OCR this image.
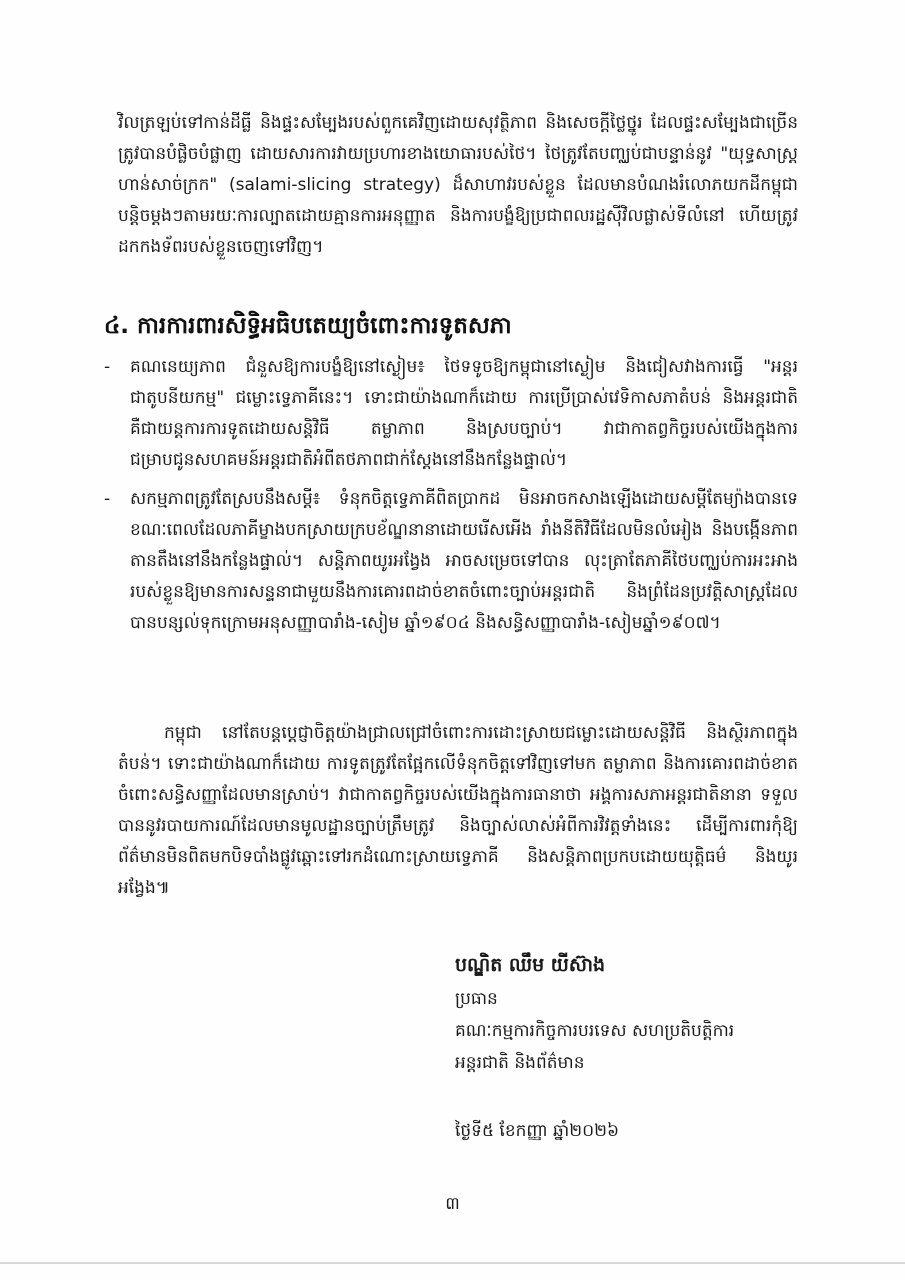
វិលត្រឡប់ទៅកាន់ដីធ្លី និងផ្ទះសម្បែងរបស់ពួកគេវិញដោយសុវត្ថិភាព និងសេចក្ដីថ្លៃថ្នូរ ដែលផ្ទះសម្បែងជាច្រើនត្រូវបានបំផ្លិចបំផ្លាញ ដោយសារការវាយប្រហារខាងយោធារបស់ថៃ។ ថៃត្រូវតែបញ្ឈប់ជាបន្ទាន់នូវ "យុទ្ធសាស្ត្រហាន់សាច់ក្រក" (salami-slicing strategy) ដ៏សាហាវរបស់ខ្លួន ដែលមានបំណងរំលោភយកដីកម្ពុជាបន្តិចម្ដងៗតាមរយៈការល្បាតដោយគ្មានការអនុញ្ញាត និងការបង្ខំឱ្យប្រជាពលរដ្ឋស៊ីវិលផ្លាស់ទីលំនៅ ហើយត្រូវដកកងទ័ពរបស់ខ្លួនចេញទៅវិញ។

៤. ការការពារសិទ្ធិអធិបតេយ្យចំពោះការទូតសភា
-	គណនេយ្យភាព ជំនួសឱ្យការបង្ខំឱ្យនៅស្ងៀម៖ ថៃទទូចឱ្យកម្ពុជានៅស្ងៀម និងជៀសវាងការធ្វើ "អន្តរជាតូបនីយកម្ម" ជម្លោះទ្វេភាគីនេះ។ ទោះជាយ៉ាងណាក៏ដោយ ការប្រើប្រាស់វេទិកាសភាតំបន់ និងអន្តរជាតិ គឺជាយន្តការការទូតដោយសន្តិវិធី តម្លាភាព និងស្របច្បាប់។ វាជាកាតព្វកិច្ចរបស់យើងក្នុងការជម្រាបជូនសហគមន៍អន្តរជាតិអំពីតថភាពជាក់ស្តែងនៅនឹងកន្លែងផ្ទាល់។
-	សកម្មភាពត្រូវតែស្របនឹងសម្ដី៖ ទំនុកចិត្តទ្វេភាគីពិតប្រាកដ មិនអាចកសាងឡើងដោយសម្ដីតែម្យ៉ាងបានទេ ខណៈពេលដែលភាគីម្ខាងបកស្រាយក្របខ័ណ្ឌនានាដោយរើសអើង រាំងនីតិវិធីដែលមិនលំអៀង និងបង្កើនភាពតានតឹងនៅនឹងកន្លែងផ្ទាល់។ សន្តិភាពយូរអង្វែង អាចសម្រេចទៅបាន លុះត្រាតែភាគីថៃបញ្ឈប់ការអះអាងរបស់ខ្លួនឱ្យមានការសន្ទនាជាមួយនឹងការគោរពដាច់ខាតចំពោះច្បាប់អន្តរជាតិ និងព្រំដែនប្រវត្តិសាស្ត្រដែលបានបន្សល់ទុកក្រោមអនុសញ្ញាបារាំង-សៀម ឆ្នាំ១៩០៤ និងសន្ធិសញ្ញាបារាំង-សៀមឆ្នាំ១៩០៧។

កម្ពុជា នៅតែបន្តប្ដេជ្ញាចិត្តយ៉ាងជ្រាលជ្រៅចំពោះការដោះស្រាយជម្លោះដោយសន្តិវិធី និងស្ថិរភាពក្នុងតំបន់។ ទោះជាយ៉ាងណាក៏ដោយ ការទូតត្រូវតែផ្អែកលើទំនុកចិត្តទៅវិញទៅមក តម្លាភាព និងការគោរពដាច់ខាតចំពោះសន្ធិសញ្ញាដែលមានស្រាប់។ វាជាកាតព្វកិច្ចរបស់យើងក្នុងការធានាថា អង្គការសភាអន្តរជាតិនានា ទទួលបាននូវរបាយការណ៍ដែលមានមូលដ្ឋានច្បាប់ត្រឹមត្រូវ និងច្បាស់លាស់អំពីការវិវត្តទាំងនេះ ដើម្បីការពារកុំឱ្យព័ត៌មានមិនពិតមកបិទបាំងផ្លូវឆ្ពោះទៅរកដំណោះស្រាយទ្វេភាគី និងសន្តិភាពប្រកបដោយយុត្តិធម៌ និងយូរអង្វែង៕

បណ្ឌិត ឈឹម យីស៊ាង

ប្រធាន

គណៈកម្មការកិច្ចការបរទេស សហប្រតិបត្តិការ

អន្តរជាតិ និងព័ត៌មាន

ថ្ងៃទី៥ ខែកញ្ញា ឆ្នាំ២០២៦

៣
